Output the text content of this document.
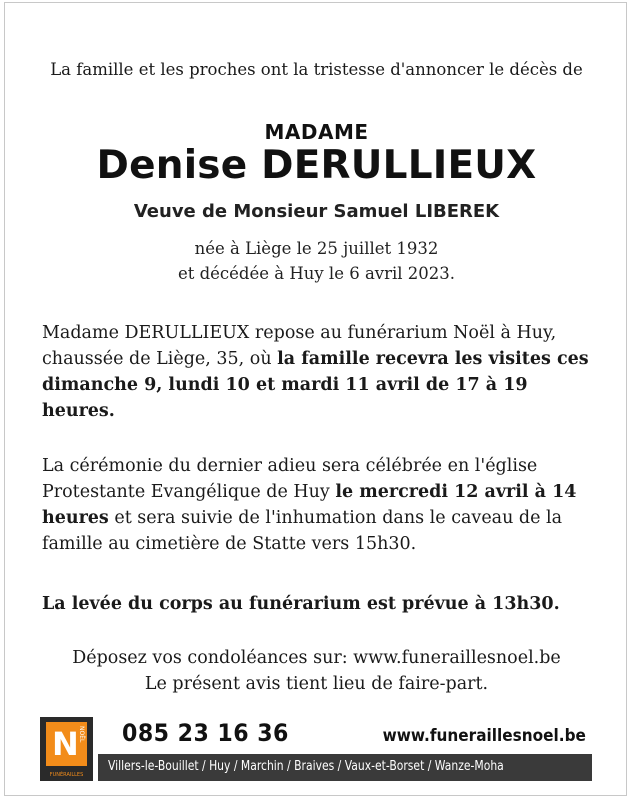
La famille et les proches ont la tristesse d'annoncer le décès de
MADAME
Denise DERULLIEUX
Veuve de Monsieur Samuel LIBEREK
née à Liège le 25 juillet 1932
et décédée à Huy le 6 avril 2023.
Madame DERULLIEUX repose au funérarium Noël à Huy, chaussée de Liège, 35, où la famille recevra les visites ces dimanche 9, lundi 10 et mardi 11 avril de 17 à 19 heures.
La cérémonie du dernier adieu sera célébrée en l'église Protestante Evangélique de Huy le mercredi 12 avril à 14 heures et sera suivie de l'inhumation dans le caveau de la famille au cimetière de Statte vers 15h30.
La levée du corps au funérarium est prévue à 13h30.
Déposez vos condoléances sur: www.funeraillesnoel.be
Le présent avis tient lieu de faire-part.
N NOËL
FUNÉRAILLES
085 23 16 36	www.funeraillesnoel.be
Villers-le-Bouillet / Huy / Marchin / Braives / Vaux-et-Borset / Wanze-Moha
